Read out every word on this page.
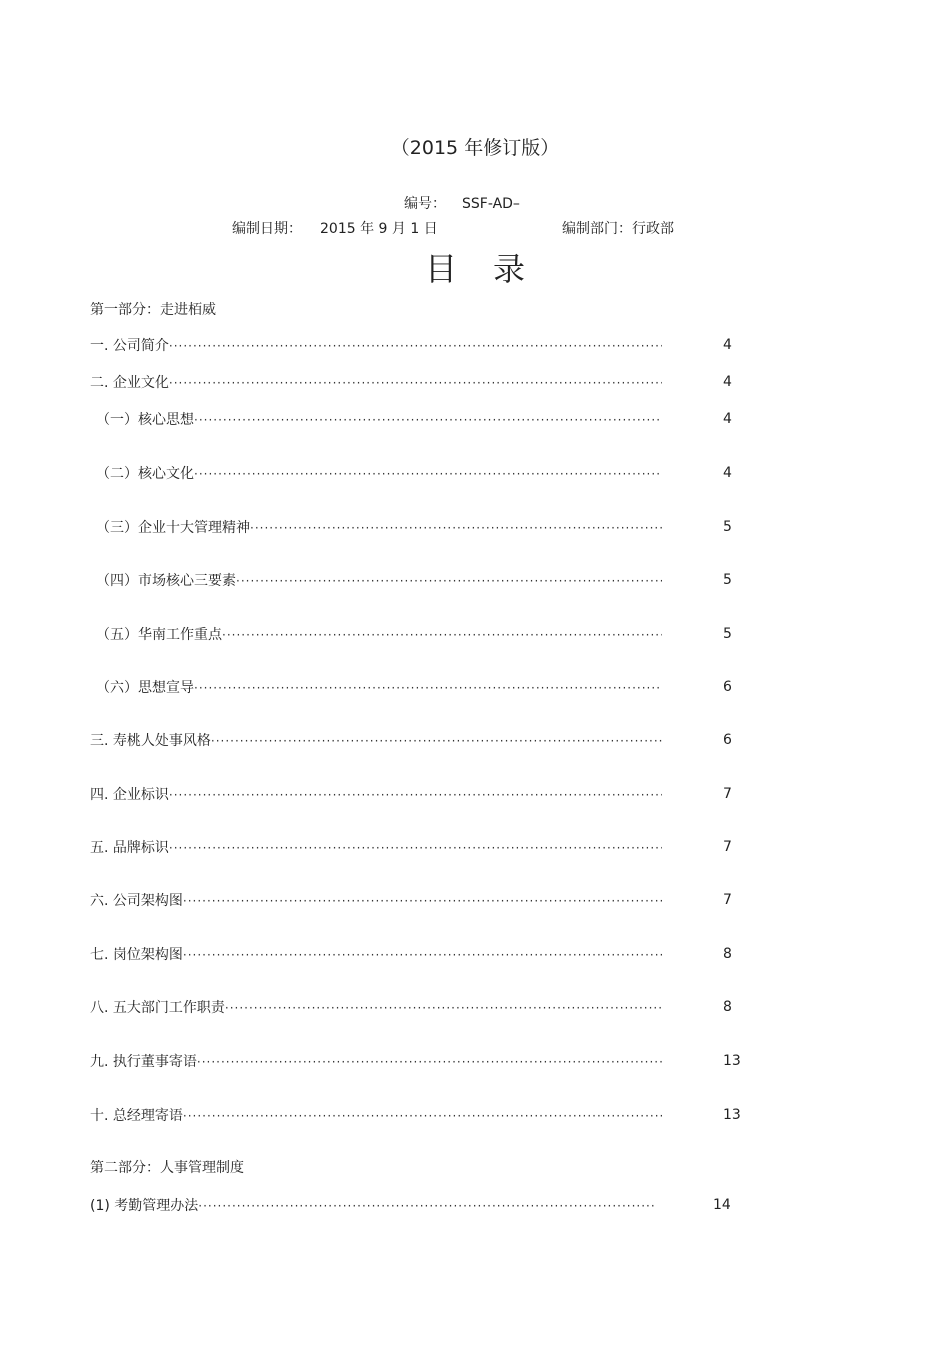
（2015 年修订版）
编号： SSF-AD–
编制日期： 2015 年 9 月 1 日	编制部门：行政部
目录
第一部分：走进栢威
一. 公司简介 ·····	4
二. 企业文化 ·····	4
（一）核心思想 ·····	4
（二）核心文化 ·····	4
（三）企业十大管理精神 ·····	5
（四）市场核心三要素 ·····	5
（五）华南工作重点 ·····	5
（六）思想宣导 ·····	6
三. 寿桃人处事风格 ·····	6
四. 企业标识 ·····	7
五. 品牌标识 ·····	7
六. 公司架构图 ·····	7
七. 岗位架构图 ·····	8
八. 五大部门工作职责 ·····	8
九. 执行董事寄语 ·····	13
十. 总经理寄语 ·····	13
第二部分：人事管理制度
(1) 考勤管理办法 ·····	14
